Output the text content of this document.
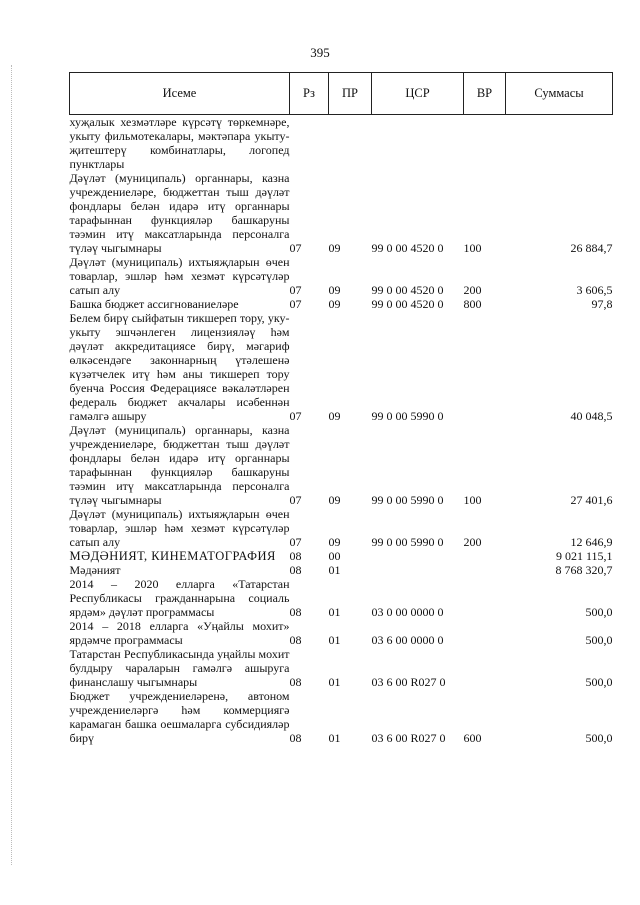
395
Исеме	Рз	ПР	ЦСР	ВР	Суммасы
хуҗалык хезмәтләре күрсәтү төркемнәре, укыту фильмотекалары, мәктәпара укыту-җитештерү комбинатлары, логопед пунктлары					
Дәүләт (муниципаль) органнары, казна учреждениеләре, бюджеттан тыш дәүләт фондлары белән идарә итү органнары тарафыннан функцияләр башкаруны тәэмин итү максатларында персоналга түләү чыгымнары	07	09	99 0 00 4520 0	100	26 884,7
Дәүләт (муниципаль) ихтыяҗларын өчен товарлар, эшләр һәм хезмәт күрсәтүләр сатып алу	07	09	99 0 00 4520 0	200	3 606,5
Башка бюджет ассигнованиеләре	07	09	99 0 00 4520 0	800	97,8
Белем бирү сыйфатын тикшереп тору, уку-укыту эшчәнлеген лицензияләү һәм дәүләт аккредитациясе бирү, мәгариф өлкәсендәге законнарның үтәлешенә күзәтчелек итү һәм аны тикшереп тору буенча Россия Федерациясе вәкаләтләрен федераль бюджет акчалары исәбеннән гамәлгә ашыру	07	09	99 0 00 5990 0		40 048,5
Дәүләт (муниципаль) органнары, казна учреждениеләре, бюджеттан тыш дәүләт фондлары белән идарә итү органнары тарафыннан функцияләр башкаруны тәэмин итү максатларында персоналга түләү чыгымнары	07	09	99 0 00 5990 0	100	27 401,6
Дәүләт (муниципаль) ихтыяҗларын өчен товарлар, эшләр һәм хезмәт күрсәтүләр сатып алу	07	09	99 0 00 5990 0	200	12 646,9
МӘДӘНИЯТ, КИНЕМАТОГРАФИЯ	08	00			9 021 115,1
Мәдәният	08	01			8 768 320,7
2014 – 2020 елларга «Татарстан Республикасы гражданнарына социаль ярдәм» дәүләт программасы	08	01	03 0 00 0000 0		500,0
2014 – 2018 елларга «Уңайлы мохит» ярдәмче программасы	08	01	03 6 00 0000 0		500,0
Татарстан Республикасында уңайлы мохит булдыру чараларын гамәлгә ашыруга финанслашу чыгымнары	08	01	03 6 00 R027 0		500,0
Бюджет учреждениеләренә, автоном учреждениеләргә һәм коммерциягә карамаган башка оешмаларга субсидияләр бирү	08	01	03 6 00 R027 0	600	500,0
